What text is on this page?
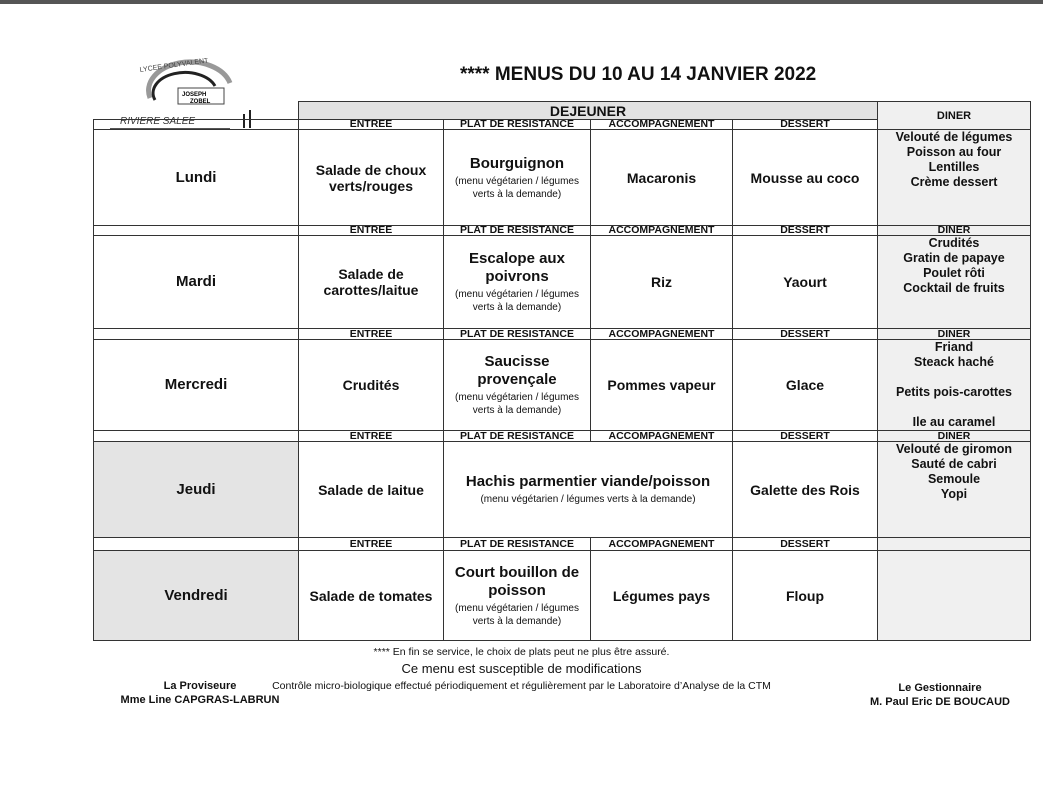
LYCEE POLYVALENT
JOSEPH
ZOBEL
RIVIERE SALEE
**** MENUS DU 10 AU 14 JANVIER 2022
	DEJEUNER				DINER
	ENTREE	PLAT DE RESISTANCE	ACCOMPAGNEMENT	DESSERT	
Lundi	Salade de choux
verts/rouges	Bourguignon
(menu végétarien / légumes
verts à la demande)	Macaronis	Mousse au coco	Velouté de légumes
Poisson au four
Lentilles
Crème dessert
	ENTREE	PLAT DE RESISTANCE	ACCOMPAGNEMENT	DESSERT	DINER
Mardi	Salade de
carottes/laitue	Escalope aux
poivrons
(menu végétarien / légumes
verts à la demande)	Riz	Yaourt	Crudités
Gratin de papaye
Poulet rôti
Cocktail de fruits
	ENTREE	PLAT DE RESISTANCE	ACCOMPAGNEMENT	DESSERT	DINER
Mercredi	Crudités	Saucisse
provençale
(menu végétarien / légumes
verts à la demande)	Pommes vapeur	Glace	Friand
Steack haché

Petits pois-carottes

Ile au caramel
	ENTREE	PLAT DE RESISTANCE	ACCOMPAGNEMENT	DESSERT	DINER
Jeudi	Salade de laitue	Hachis parmentier viande/poisson
(menu végétarien / légumes verts à la demande)		Galette des Rois	Velouté de giromon
Sauté de cabri
Semoule
Yopi
	ENTREE	PLAT DE RESISTANCE	ACCOMPAGNEMENT	DESSERT	
Vendredi	Salade de tomates	Court bouillon de
poisson
(menu végétarien / légumes
verts à la demande)	Légumes pays	Floup	
**** En fin se service, le choix de plats peut ne plus être assuré.
Ce menu est susceptible de modifications
Contrôle micro-biologique effectué périodiquement et régulièrement par le Laboratoire d’Analyse de la CTM
La Proviseure
Mme Line CAPGRAS-LABRUN
Le Gestionnaire
M. Paul Eric DE BOUCAUD
